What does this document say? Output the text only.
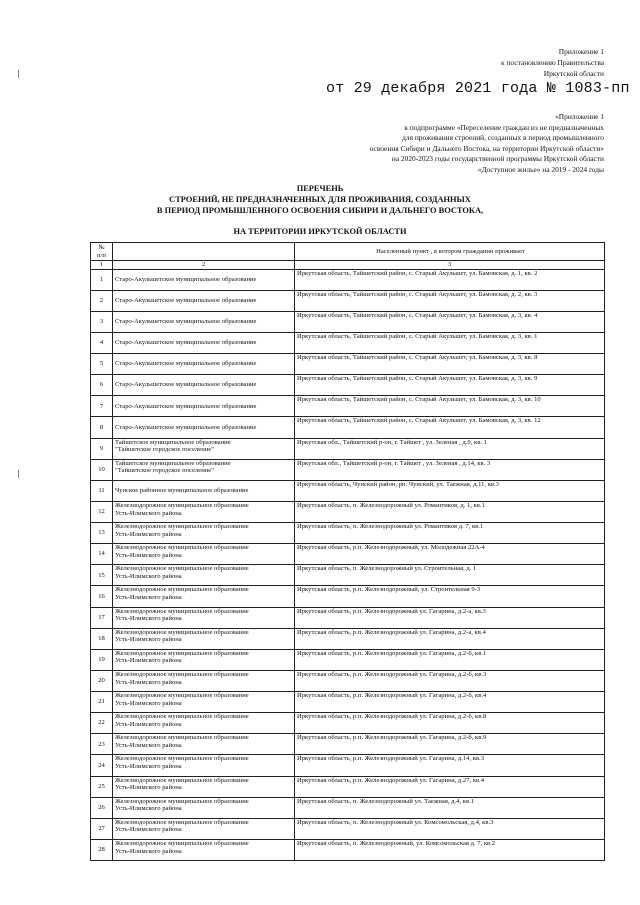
Приложение 1
к постановлению Правительства
Иркутской области
от 29 декабря 2021 года № 1083-пп
«Приложение 1
к подпрограмме «Переселение граждан из не предназначенных
для проживания строений, созданных в период промышленного
освоения Сибири и Дальнего Востока, на территории Иркутской области»
на 2020-2023 годы государственной программы Иркутской области
«Доступное жилье» на 2019 - 2024 годы
ПЕРЕЧЕНЬ
СТРОЕНИЙ, НЕ ПРЕДНАЗНАЧЕННЫХ ДЛЯ ПРОЖИВАНИЯ, СОЗДАННЫХ
В ПЕРИОД ПРОМЫШЛЕННОГО ОСВОЕНИЯ СИБИРИ И ДАЛЬНЕГО ВОСТОКА,
НА ТЕРРИТОРИИ ИРКУТСКОЙ ОБЛАСТИ
№
п/п		Населенный пункт , в котором гражданин проживает
1	2	3
1	Старо-Акульшетское муниципальное образование	Иркутская область, Тайшетский район, с. Старый Акульшет, ул. Бамовская, д. 1, кв. 2
2	Старо-Акульшетское муниципальное образование	Иркутская область, Тайшетский район, с. Старый Акульшет, ул. Бамовская, д. 2, кв. 3
3	Старо-Акульшетское муниципальное образование	Иркутская область, Тайшетский район, с. Старый Акульшет, ул. Бамовская, д. 3, кв. 4
4	Старо-Акульшетское муниципальное образование	Иркутская область, Тайшетский район, с. Старый Акульшет, ул. Бамовская, д. 3, кв. 1
5	Старо-Акульшетское муниципальное образование	Иркутская область, Тайшетский район, с. Старый Акульшет, ул. Бамовская, д. 3, кв. 8
6	Старо-Акульшетское муниципальное образование	Иркутская область, Тайшетский район, с. Старый Акульшет, ул. Бамовская, д. 3, кв. 9
7	Старо-Акульшетское муниципальное образование	Иркутская область, Тайшетский район, с. Старый Акульшет, ул. Бамовская, д. 3, кв. 10
8	Старо-Акульшетское муниципальное образование	Иркутская область, Тайшетский район, с. Старый Акульшет, ул. Бамовская, д. 3, кв. 12
9	Тайшетское муниципальное образование
"Тайшетское городское поселение"	Иркутская обл., Тайшетский р-он, г. Тайшет , ул. Зеленая , д.9, кв. 1
10	Тайшетское муниципальное образование
"Тайшетское городское поселение"	Иркутская обл., Тайшетский р-он, г. Тайшет , ул. Зеленая , д.14, кв. 3
11	Чунское районное муниципальное образование	Иркутская область, Чунский район, рп. Чунский, ул. Таежная, д.11, кв.3
12	Железнодорожное муниципальное образование
Усть-Илимского района	Иркутская область, п. Железнодорожный ул. Романтиков, д. 1, кв.1
13	Железнодорожное муниципальное образование
Усть-Илимского района	Иркутская область, п. Железнодорожный ул. Романтиков д. 7, кв.1
14	Железнодорожное муниципальное образование
Усть-Илимского района	Иркутская область, р.п. Железнодорожный, ул. Молодежная 22А-4
15	Железнодорожное муниципальное образование
Усть-Илимского района	Иркутская область, п. Железнодорожный ул. Строительная, д. 1
16	Железнодорожное муниципальное образование
Усть-Илимского района	Иркутская область, р.п. Железнодорожный, ул. Строительная 9-3
17	Железнодорожное муниципальное образование
Усть-Илимского района	Иркутская область, р.п. Железнодорожный ул. Гагарина, д.2-а, кв.3
18	Железнодорожное муниципальное образование
Усть-Илимского района	Иркутская область, р.п. Железнодорожный ул. Гагарина, д.2-а, кв.4
19	Железнодорожное муниципальное образование
Усть-Илимского района	Иркутская область, р.п. Железнодорожный ул. Гагарина, д.2-б, кв.1
20	Железнодорожное муниципальное образование
Усть-Илимского района	Иркутская область, р.п. Железнодорожный ул. Гагарина, д.2-б, кв.3
21	Железнодорожное муниципальное образование
Усть-Илимского района	Иркутская область, р.п. Железнодорожный ул. Гагарина, д.2-б, кв.4
22	Железнодорожное муниципальное образование
Усть-Илимского района	Иркутская область, р.п. Железнодорожный ул. Гагарина, д.2-б, кв.8
23	Железнодорожное муниципальное образование
Усть-Илимского района	Иркутская область, р.п. Железнодорожный ул. Гагарина, д.2-б, кв.9
24	Железнодорожное муниципальное образование
Усть-Илимского района	Иркутская область, р.п. Железнодорожный ул. Гагарина, д.14, кв.3
25	Железнодорожное муниципальное образование
Усть-Илимского района	Иркутская область, р.п. Железнодорожный ул. Гагарина, д.27, кв.4
26	Железнодорожное муниципальное образование
Усть-Илимского района	Иркутская область, п. Железнодорожный ул. Таежная, д.4, кв.1
27	Железнодорожное муниципальное образование
Усть-Илимского района	Иркутская область, п. Железнодорожный ул. Комсомольская, д.4, кв.3
28	Железнодорожное муниципальное образование
Усть-Илимского района	Иркутская область, п. Железнодорожный, ул. Комсомольская д. 7, кв.2
